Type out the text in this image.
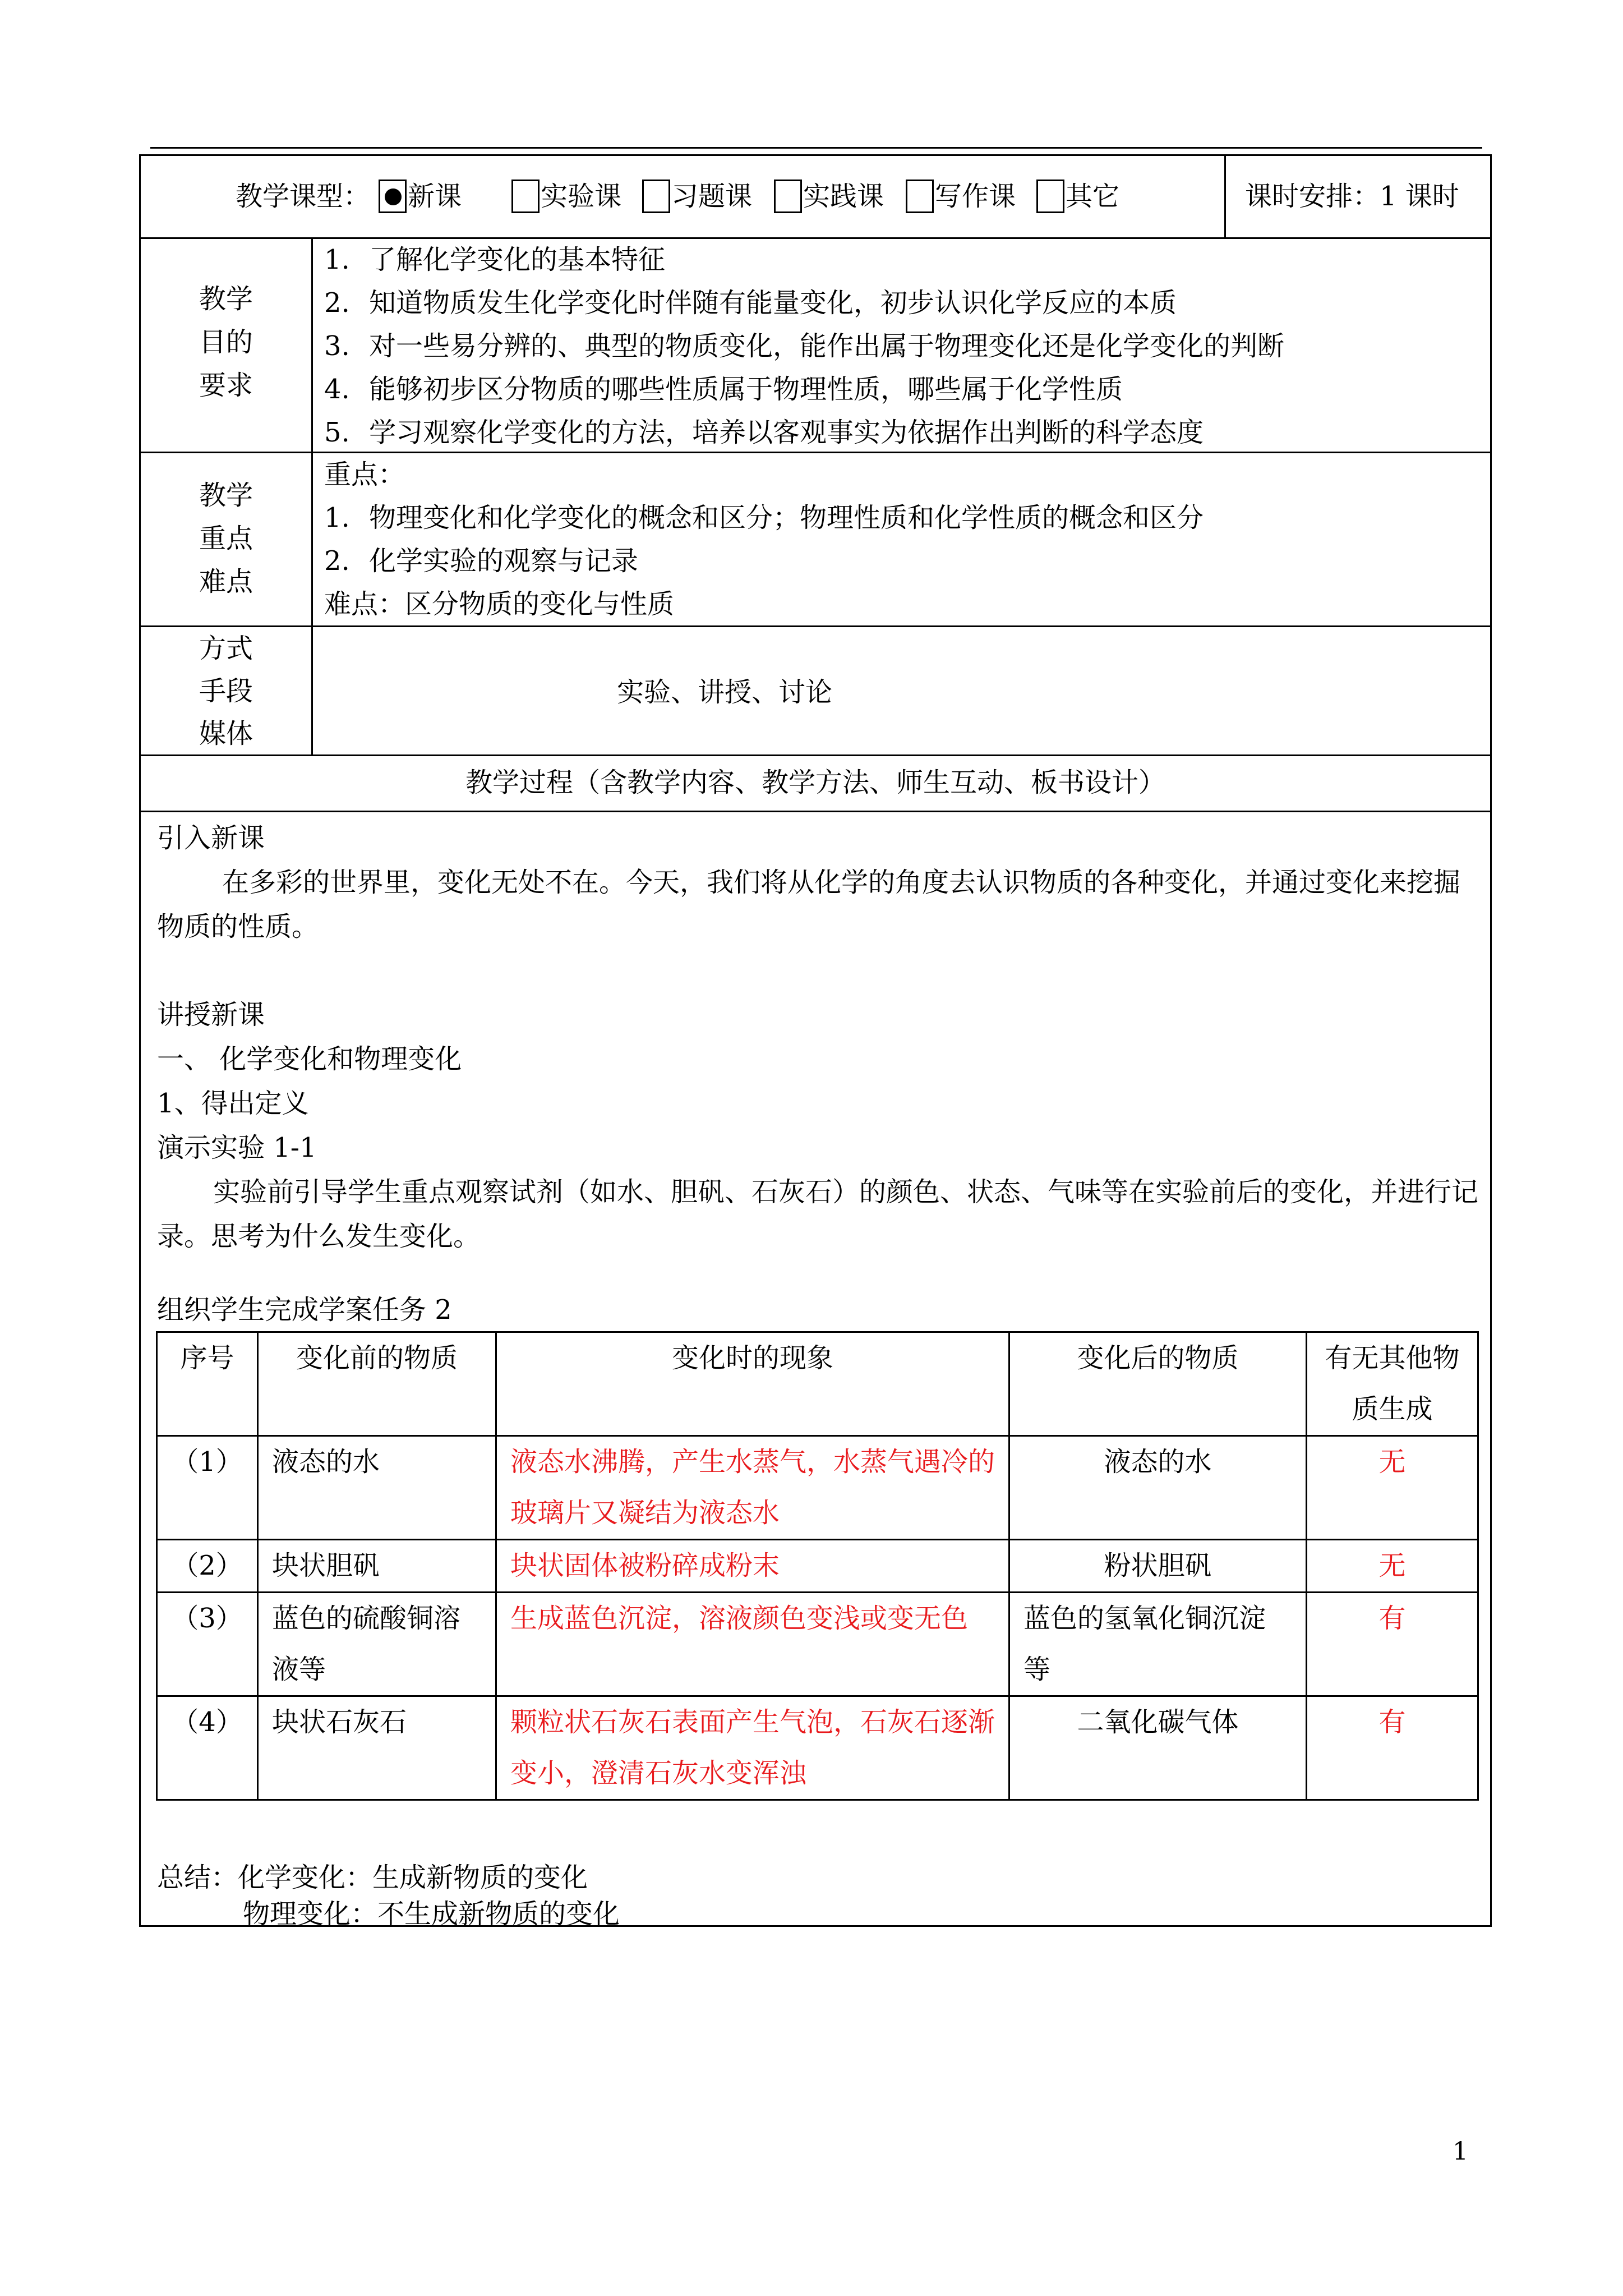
教学课型： 新课	实验课 习题课 实践课 写作课 其它	课时安排：1 课时
教学
目的
要求
1. 了解化学变化的基本特征
2. 知道物质发生化学变化时伴随有能量变化，初步认识化学反应的本质
3. 对一些易分辨的、典型的物质变化，能作出属于物理变化还是化学变化的判断
4. 能够初步区分物质的哪些性质属于物理性质，哪些属于化学性质
5. 学习观察化学变化的方法，培养以客观事实为依据作出判断的科学态度
教学
重点
难点
重点：
1. 物理变化和化学变化的概念和区分；物理性质和化学性质的概念和区分
2. 化学实验的观察与记录
难点：区分物质的变化与性质
方式
手段
媒体
实验、讲授、讨论
教学过程（含教学内容、教学方法、师生互动、板书设计）
引入新课
在多彩的世界里，变化无处不在。今天，我们将从化学的角度去认识物质的各种变化，并通过变化来挖掘物质的性质。
讲授新课
一、 化学变化和物理变化
1、得出定义
演示实验 1-1
实验前引导学生重点观察试剂（如水、胆矾、石灰石）的颜色、状态、气味等在实验前后的变化，并进行记录。思考为什么发生变化。
组织学生完成学案任务 2
序号	变化前的物质	变化时的现象	变化后的物质	有无其他物质生成
（1）	液态的水	液态水沸腾，产生水蒸气，水蒸气遇冷的玻璃片又凝结为液态水	液态的水	无
（2）	块状胆矾	块状固体被粉碎成粉末	粉状胆矾	无
（3）	蓝色的硫酸铜溶液等	生成蓝色沉淀，溶液颜色变浅或变无色	蓝色的氢氧化铜沉淀等	有
（4）	块状石灰石	颗粒状石灰石表面产生气泡，石灰石逐渐变小，澄清石灰水变浑浊	二氧化碳气体	有
总结：化学变化：生成新物质的变化
物理变化：不生成新物质的变化
1
